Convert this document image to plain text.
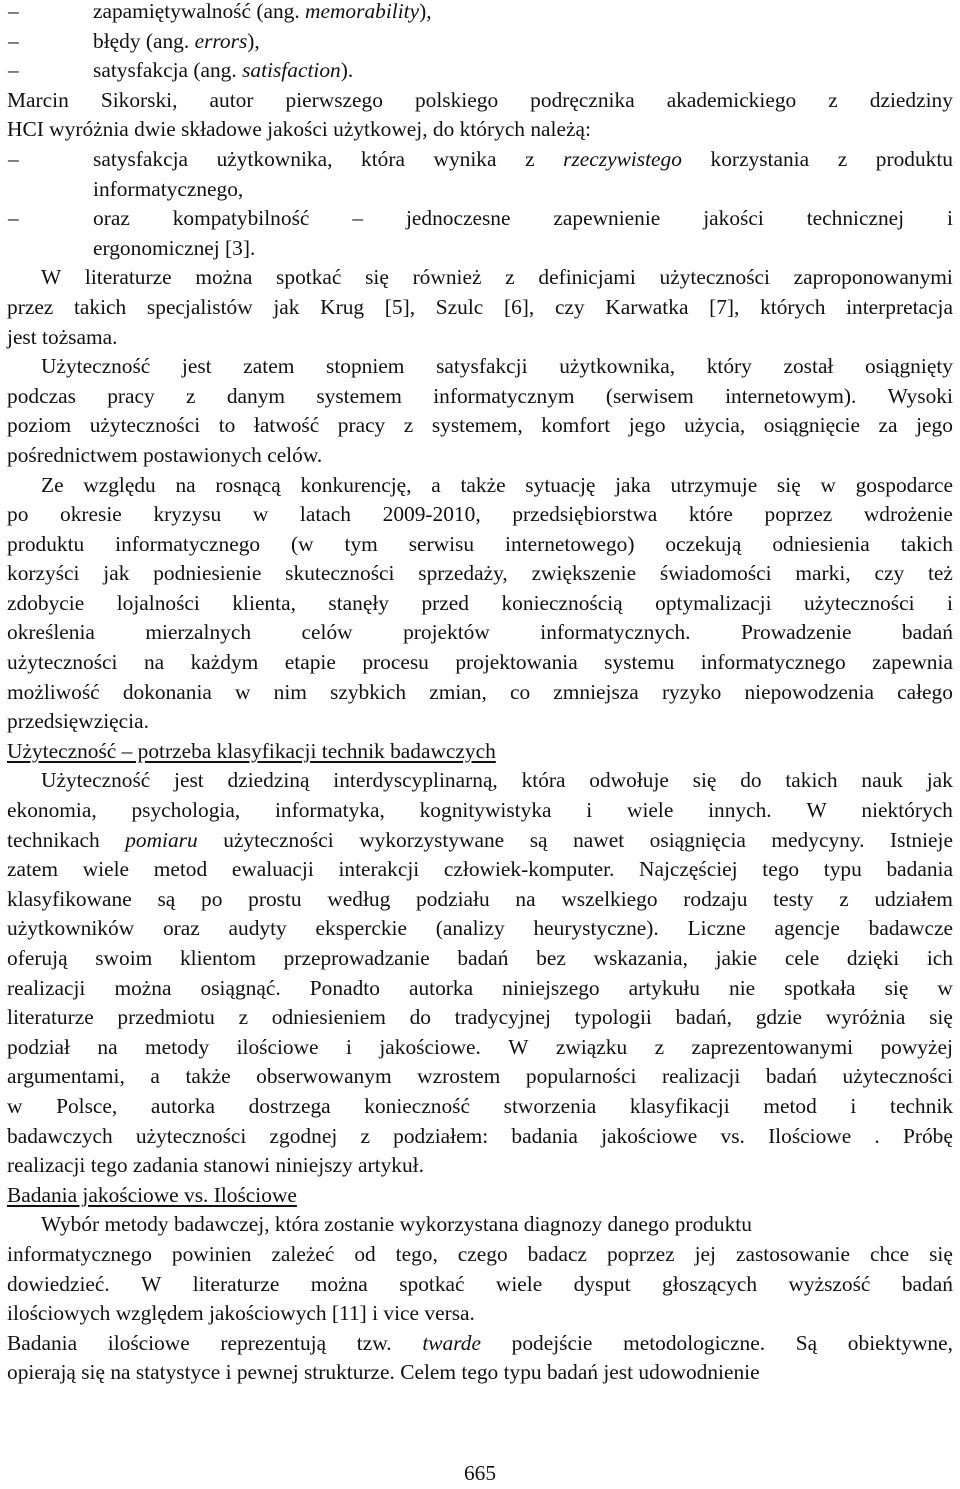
–	zapamiętywalność (ang. memorability),
–	błędy (ang. errors),
–	satysfakcja (ang. satisfaction).
Marcin Sikorski, autor pierwszego polskiego podręcznika akademickiego z dziedziny
HCI wyróżnia dwie składowe jakości użytkowej, do których należą:
–	satysfakcja użytkownika, która wynika z rzeczywistego korzystania z produktu
informatycznego,
–	oraz kompatybilność – jednoczesne zapewnienie jakości technicznej i
ergonomicznej [3].
W literaturze można spotkać się również z definicjami użyteczności zaproponowanymi
przez takich specjalistów jak Krug [5], Szulc [6], czy Karwatka [7], których interpretacja
jest tożsama.
Użyteczność jest zatem stopniem satysfakcji użytkownika, który został osiągnięty
podczas pracy z danym systemem informatycznym (serwisem internetowym). Wysoki
poziom użyteczności to łatwość pracy z systemem, komfort jego użycia, osiągnięcie za jego
pośrednictwem postawionych celów.
Ze względu na rosnącą konkurencję, a także sytuację jaka utrzymuje się w gospodarce
po okresie kryzysu w latach 2009-2010, przedsiębiorstwa które poprzez wdrożenie
produktu informatycznego (w tym serwisu internetowego) oczekują odniesienia takich
korzyści jak podniesienie skuteczności sprzedaży, zwiększenie świadomości marki, czy też
zdobycie lojalności klienta, stanęły przed koniecznością optymalizacji użyteczności i
określenia mierzalnych celów projektów informatycznych. Prowadzenie badań
użyteczności na każdym etapie procesu projektowania systemu informatycznego zapewnia
możliwość dokonania w nim szybkich zmian, co zmniejsza ryzyko niepowodzenia całego
przedsięwzięcia.
Użyteczność – potrzeba klasyfikacji technik badawczych
Użyteczność jest dziedziną interdyscyplinarną, która odwołuje się do takich nauk jak
ekonomia, psychologia, informatyka, kognitywistyka i wiele innych. W niektórych
technikach pomiaru użyteczności wykorzystywane są nawet osiągnięcia medycyny. Istnieje
zatem wiele metod ewaluacji interakcji człowiek-komputer. Najczęściej tego typu badania
klasyfikowane są po prostu według podziału na wszelkiego rodzaju testy z udziałem
użytkowników oraz audyty eksperckie (analizy heurystyczne). Liczne agencje badawcze
oferują swoim klientom przeprowadzanie badań bez wskazania, jakie cele dzięki ich
realizacji można osiągnąć. Ponadto autorka niniejszego artykułu nie spotkała się w
literaturze przedmiotu z odniesieniem do tradycyjnej typologii badań, gdzie wyróżnia się
podział na metody ilościowe i jakościowe. W związku z zaprezentowanymi powyżej
argumentami, a także obserwowanym wzrostem popularności realizacji badań użyteczności
w Polsce, autorka dostrzega konieczność stworzenia klasyfikacji metod i technik
badawczych użyteczności zgodnej z podziałem: badania jakościowe vs. Ilościowe . Próbę
realizacji tego zadania stanowi niniejszy artykuł.
Badania jakościowe vs. Ilościowe
Wybór metody badawczej, która zostanie wykorzystana diagnozy danego produktu
informatycznego powinien zależeć od tego, czego badacz poprzez jej zastosowanie chce się
dowiedzieć. W literaturze można spotkać wiele dysput głoszących wyższość badań
ilościowych względem jakościowych [11] i vice versa.
Badania ilościowe reprezentują tzw. twarde podejście metodologiczne. Są obiektywne,
opierają się na statystyce i pewnej strukturze. Celem tego typu badań jest udowodnienie
665
